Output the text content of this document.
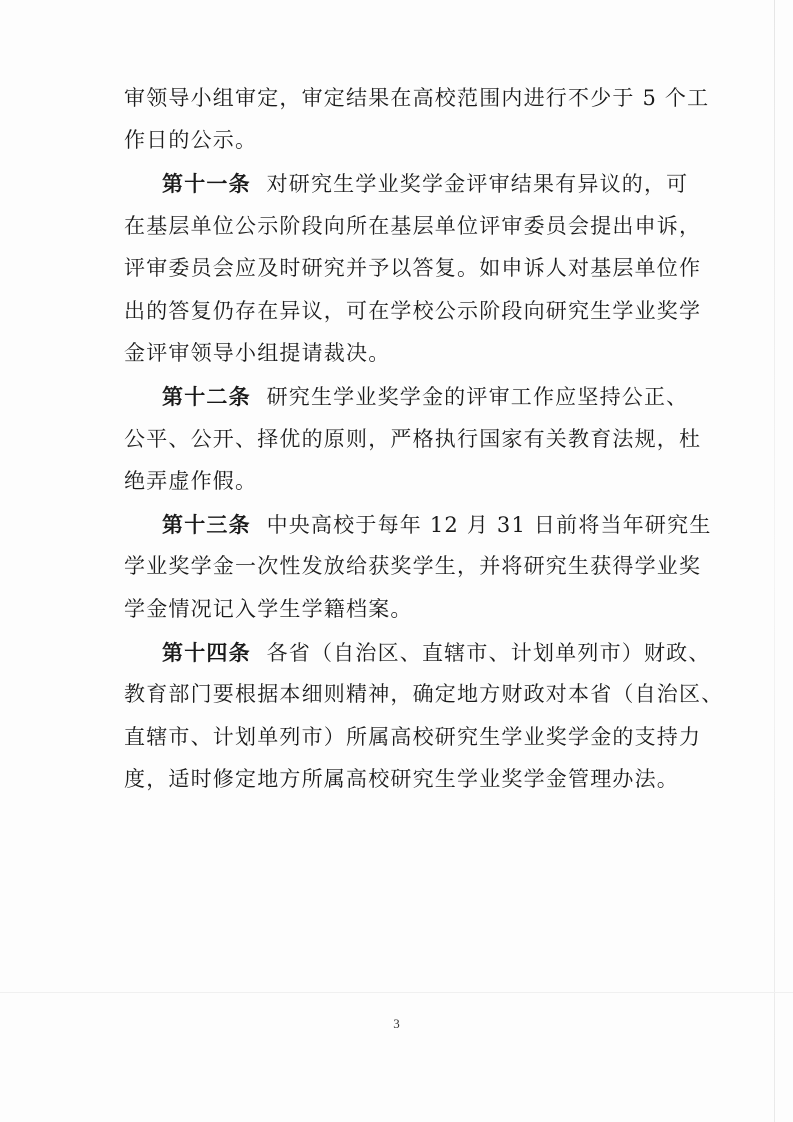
审领导小组审定，审定结果在高校范围内进行不少于 5 个工
作日的公示。
第十一条 对研究生学业奖学金评审结果有异议的，可
在基层单位公示阶段向所在基层单位评审委员会提出申诉，
评审委员会应及时研究并予以答复。如申诉人对基层单位作
出的答复仍存在异议，可在学校公示阶段向研究生学业奖学
金评审领导小组提请裁决。
第十二条 研究生学业奖学金的评审工作应坚持公正、
公平、公开、择优的原则，严格执行国家有关教育法规，杜
绝弄虚作假。
第十三条 中央高校于每年 12 月 31 日前将当年研究生
学业奖学金一次性发放给获奖学生，并将研究生获得学业奖
学金情况记入学生学籍档案。
第十四条 各省（自治区、直辖市、计划单列市）财政、
教育部门要根据本细则精神，确定地方财政对本省（自治区、
直辖市、计划单列市）所属高校研究生学业奖学金的支持力
度，适时修定地方所属高校研究生学业奖学金管理办法。
3
